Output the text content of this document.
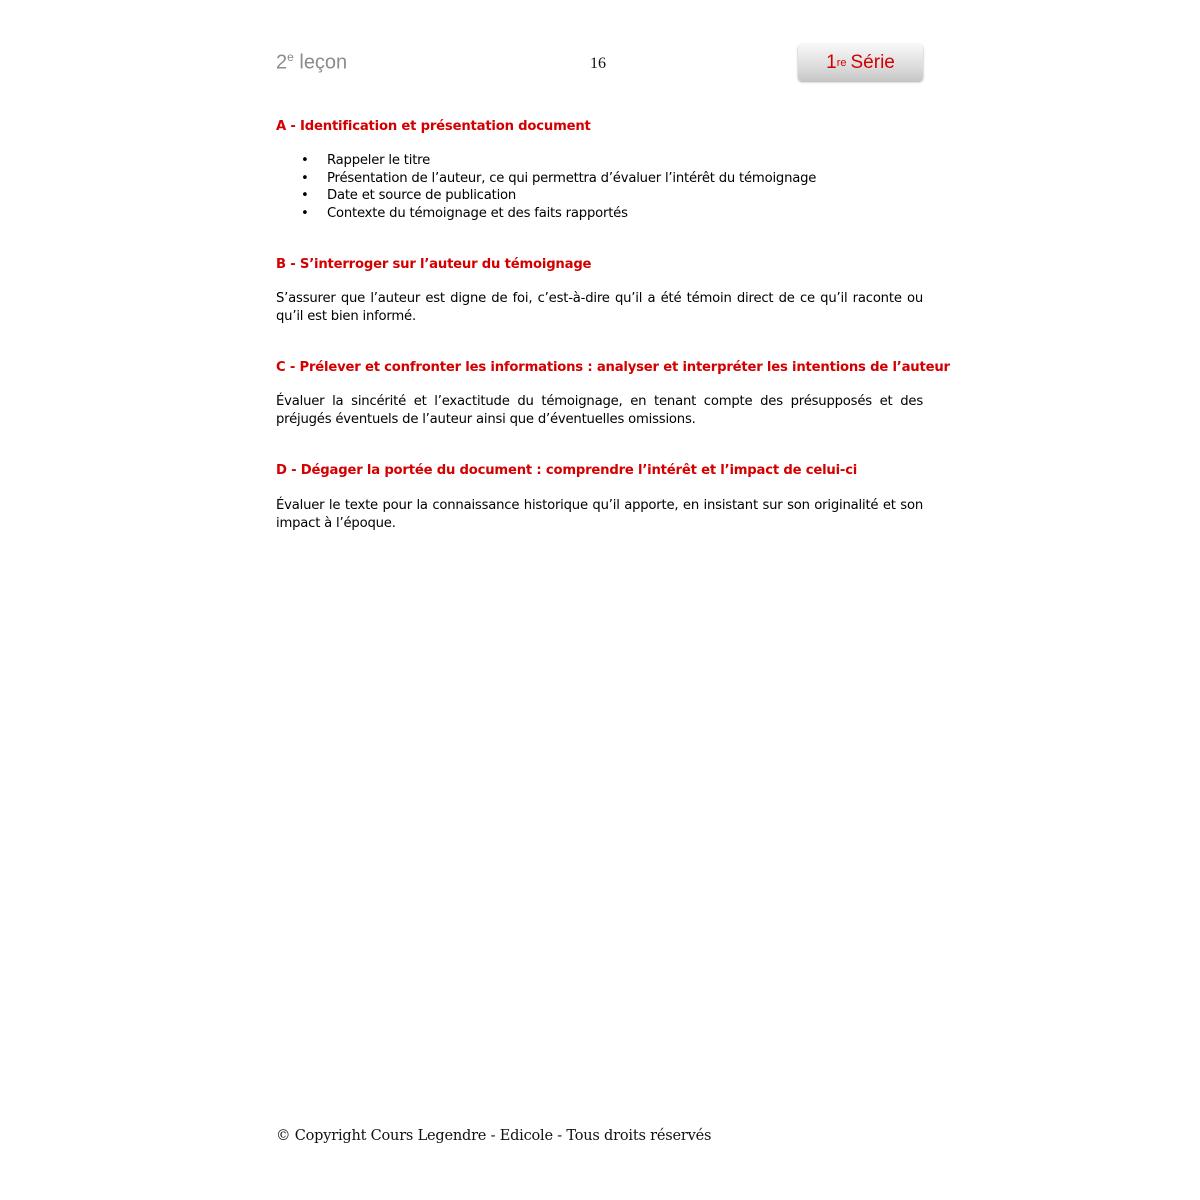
2e leçon	16	1 re Série
A - Identification et présentation document
• Rappeler le titre
• Présentation de l’auteur, ce qui permettra d’évaluer l’intérêt du témoignage
• Date et source de publication
• Contexte du témoignage et des faits rapportés
B - S’interroger sur l’auteur du témoignage
S’assurer que l’auteur est digne de foi, c’est-à-dire qu’il a été témoin direct de ce qu’il raconte ou qu’il est bien informé.
C - Prélever et confronter les informations : analyser et interpréter les intentions de l’auteur
Évaluer la sincérité et l’exactitude du témoignage, en tenant compte des présupposés et des préjugés éventuels de l’auteur ainsi que d’éventuelles omissions.
D - Dégager la portée du document : comprendre l’intérêt et l’impact de celui-ci
Évaluer le texte pour la connaissance historique qu’il apporte, en insistant sur son originalité et son impact à l’époque.
© Copyright Cours Legendre - Edicole - Tous droits réservés
